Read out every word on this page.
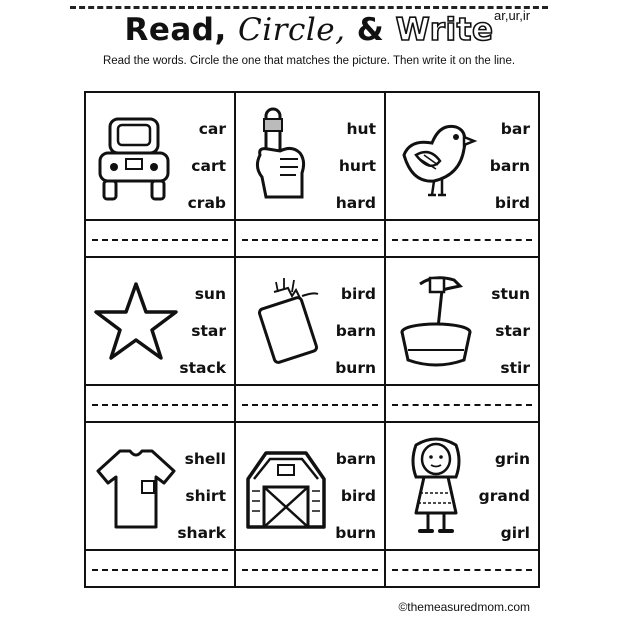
Read, Circle, & Write ar,ur,ir
Read the words. Circle the one that matches the picture. Then write it on the line.
car
cart
crab
hut
hurt
hard
bar
barn
bird
sun
star
stack
bird
barn
burn
stun
star
stir
shell
shirt
shark
barn
bird
burn
grin
grand
girl
©themeasuredmom.com
